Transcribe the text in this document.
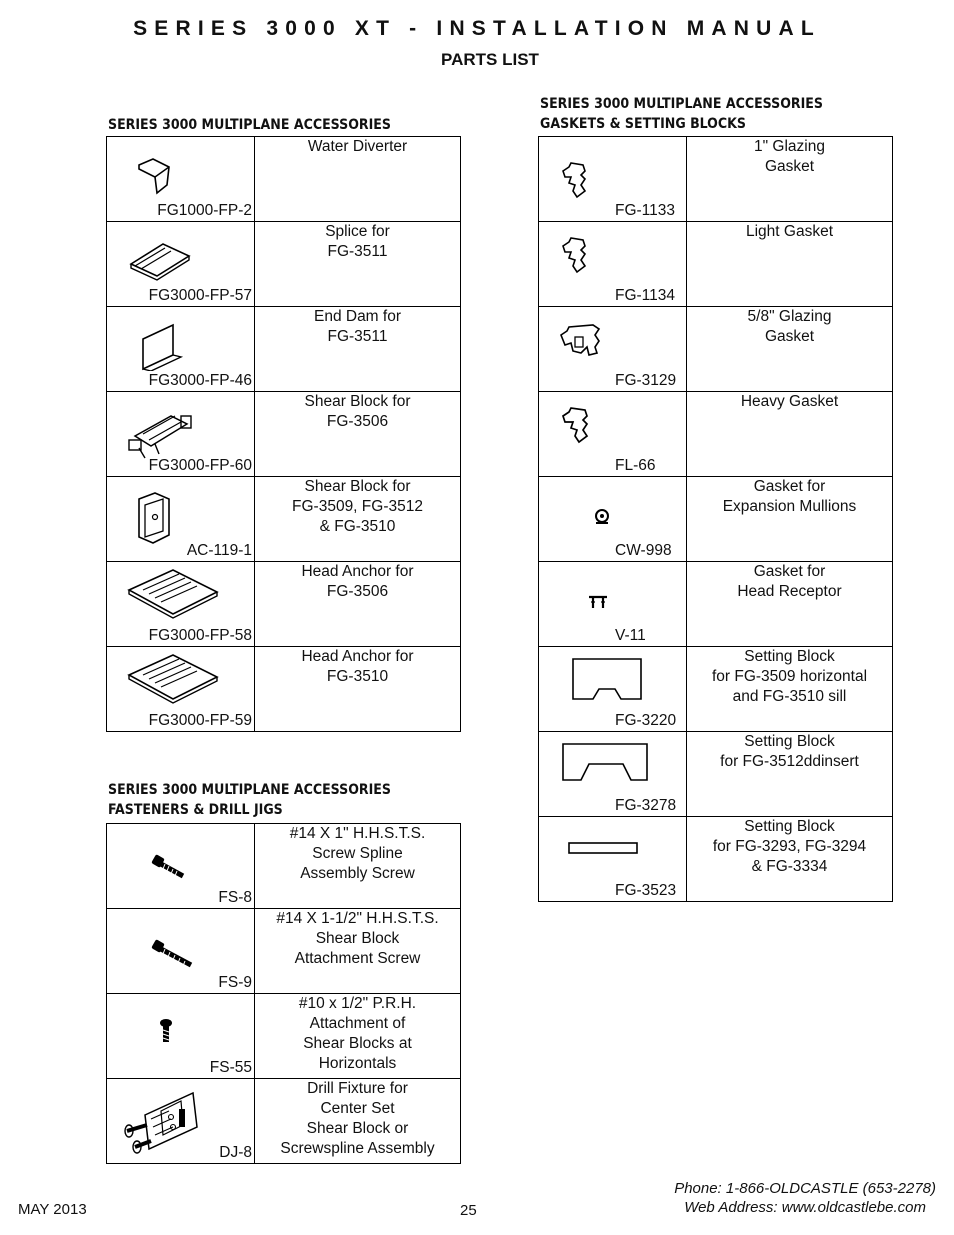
SERIES 3000 XT - INSTALLATION MANUAL
PARTS LIST
SERIES 3000 MULTIPLANE ACCESSORIES
SERIES 3000 MULTIPLANE ACCESSORIES
FASTENERS & DRILL JIGS
SERIES 3000 MULTIPLANE ACCESSORIES
GASKETS & SETTING BLOCKS
FG1000-FP-2	Water Diverter

FG3000-FP-57	Splice for
FG-3511

FG3000-FP-46	End Dam for
FG-3511

FG3000-FP-60	Shear Block for
FG-3506

AC-119-1	Shear Block for
FG-3509, FG-3512
& FG-3510

FG3000-FP-58	Head Anchor for
FG-3506

FG3000-FP-59	Head Anchor for
FG-3510
FS-8	#14 X 1" H.H.S.T.S.
Screw Spline
Assembly Screw

FS-9	#14 X 1-1/2" H.H.S.T.S.
Shear Block
Attachment Screw

FS-55	#10 x 1/2" P.R.H.
Attachment of
Shear Blocks at
Horizontals

DJ-8	Drill Fixture for
Center Set
Shear Block or
Screwspline Assembly
FG-1133	1" Glazing
Gasket

FG-1134	Light Gasket

FG-3129	5/8" Glazing
Gasket

FL-66	Heavy Gasket

CW-998	Gasket for
Expansion Mullions

V-11	Gasket for
Head Receptor

FG-3220	Setting Block
for FG-3509 horizontal
and FG-3510 sill

FG-3278	Setting Block
for FG-3512ddinsert

FG-3523	Setting Block
for FG-3293, FG-3294
& FG-3334
MAY 2013	25
Phone: 1-866-OLDCASTLE (653-2278)
Web Address: www.oldcastlebe.com
